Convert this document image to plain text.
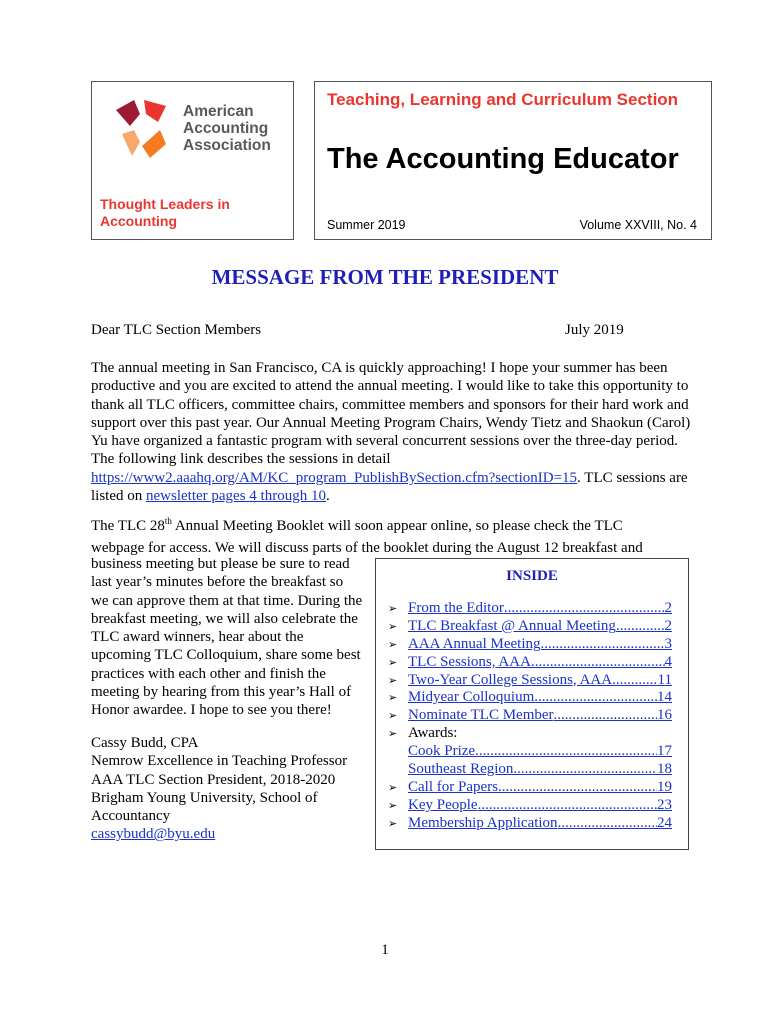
American
Accounting
Association
Thought Leaders in
Accounting
Teaching, Learning and Curriculum Section
The Accounting Educator
Summer 2019	Volume XXVIII, No. 4
MESSAGE FROM THE PRESIDENT
Dear TLC Section Members	July 2019
The annual meeting in San Francisco, CA is quickly approaching! I hope your summer has been productive and you are excited to attend the annual meeting. I would like to take this opportunity to thank all TLC officers, committee chairs, committee members and sponsors for their hard work and support over this past year. Our Annual Meeting Program Chairs, Wendy Tietz and Shaokun (Carol) Yu have organized a fantastic program with several concurrent sessions over the three-day period. The following link describes the sessions in detail https://www2.aaahq.org/AM/KC_program_PublishBySection.cfm?sectionID=15. TLC sessions are listed on newsletter pages 4 through 10.
The TLC 28th Annual Meeting Booklet will soon appear online, so please check the TLC
webpage for access. We will discuss parts of the booklet during the August 12 breakfast and
business meeting but please be sure to read
last year’s minutes before the breakfast so
we can approve them at that time. During the
breakfast meeting, we will also celebrate the
TLC award winners, hear about the
upcoming TLC Colloquium, share some best
practices with each other and finish the
meeting by hearing from this year’s Hall of
Honor awardee. I hope to see you there!
Cassy Budd, CPA
Nemrow Excellence in Teaching Professor
AAA TLC Section President, 2018-2020
Brigham Young University, School of
Accountancy
cassybudd@byu.edu
INSIDE
➢ From the Editor .....	2
➢ TLC Breakfast @ Annual Meeting .....	2
➢ AAA Annual Meeting .....	3
➢ TLC Sessions, AAA .....	4
➢ Two-Year College Sessions, AAA .....	11
➢ Midyear Colloquium .....	14
➢ Nominate TLC Member .....	16
➢ Awards:
Cook Prize .....	17
Southeast Region .....	18
➢ Call for Papers .....	19
➢ Key People .....	23
➢ Membership Application .....	24
1
